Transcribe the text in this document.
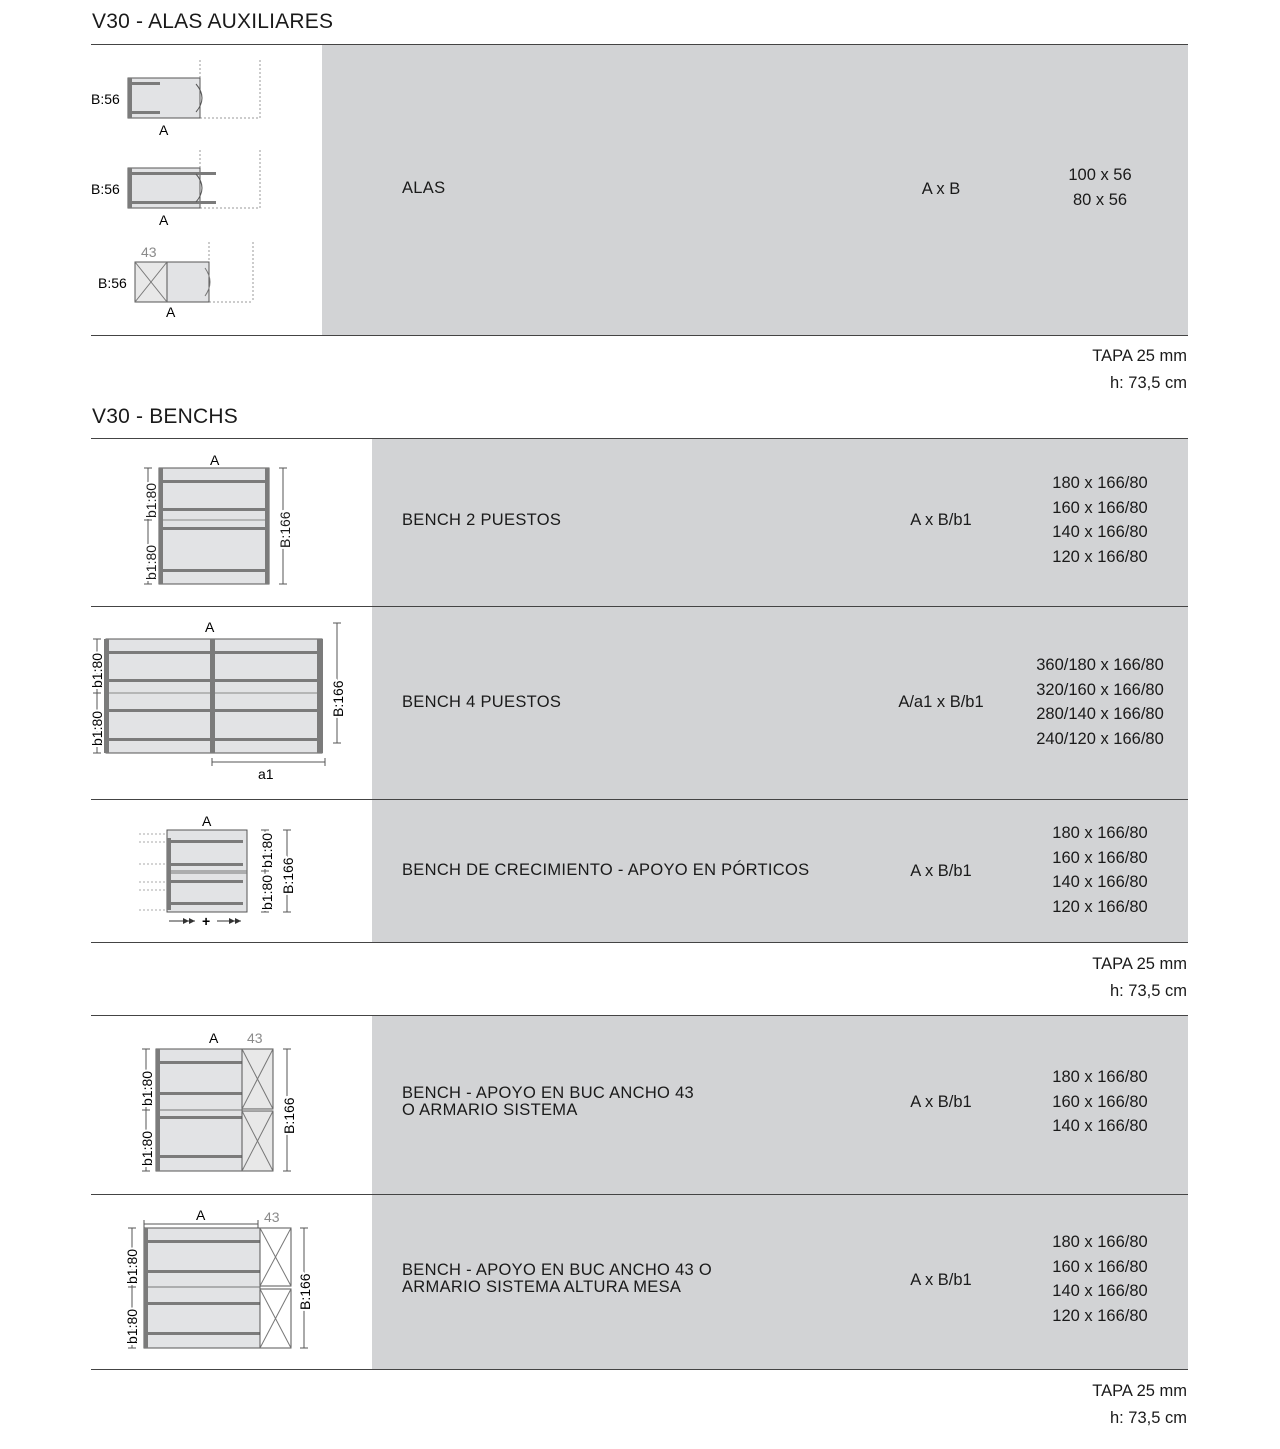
V30 - ALAS AUXILIARES
ALAS	A x B
100 x 56
80 x 56
B:56
A
B:56
A
43
B:56
A
TAPA 25 mm
h: 73,5 cm
V30 - BENCHS
BENCH 2 PUESTOS	A x B/b1
180 x 166/80
160 x 166/80
140 x 166/80
120 x 166/80
A
b1:80
b1:80
B:166
BENCH 4 PUESTOS	A/a1 x B/b1
360/180 x 166/80
320/160 x 166/80
280/140 x 166/80
240/120 x 166/80
A
a1
b1:80
b1:80
B:166
BENCH DE CRECIMIENTO - APOYO EN PÓRTICOS	A x B/b1
180 x 166/80
160 x 166/80
140 x 166/80
120 x 166/80
A
b1:80
b1:80 B:166
+
TAPA 25 mm
h: 73,5 cm
BENCH - APOYO EN BUC ANCHO 43
O ARMARIO SISTEMA	A x B/b1
180 x 166/80
160 x 166/80
140 x 166/80
A 43
b1:80
b1:80
B:166
BENCH - APOYO EN BUC ANCHO 43 O
ARMARIO SISTEMA ALTURA MESA	A x B/b1
180 x 166/80
160 x 166/80
140 x 166/80
120 x 166/80
A	43
b1:80
b1:80
B:166
TAPA 25 mm
h: 73,5 cm
